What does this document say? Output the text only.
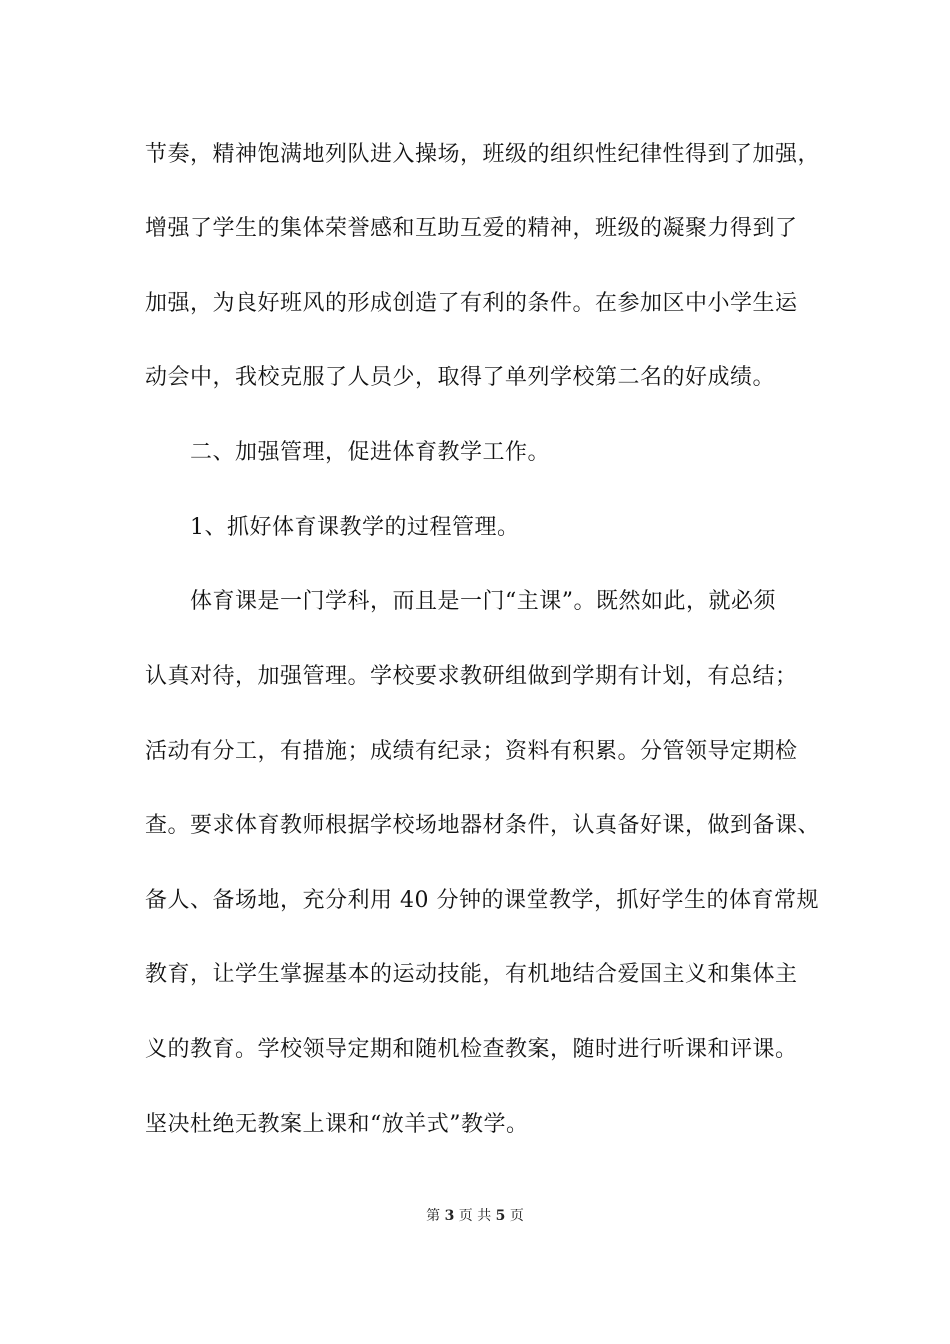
节奏，精神饱满地列队进入操场，班级的组织性纪律性得到了加强，
增强了学生的集体荣誉感和互助互爱的精神，班级的凝聚力得到了
加强，为良好班风的形成创造了有利的条件。在参加区中小学生运
动会中，我校克服了人员少，取得了单列学校第二名的好成绩。
二、加强管理，促进体育教学工作。
1、抓好体育课教学的过程管理。
体育课是一门学科，而且是一门“主课”。既然如此，就必须
认真对待，加强管理。学校要求教研组做到学期有计划，有总结；
活动有分工，有措施；成绩有纪录；资料有积累。分管领导定期检
查。要求体育教师根据学校场地器材条件，认真备好课，做到备课、
备人、备场地，充分利用 40 分钟的课堂教学，抓好学生的体育常规
教育，让学生掌握基本的运动技能，有机地结合爱国主义和集体主
义的教育。学校领导定期和随机检查教案，随时进行听课和评课。
坚决杜绝无教案上课和“放羊式”教学。
第 3 页 共 5 页
